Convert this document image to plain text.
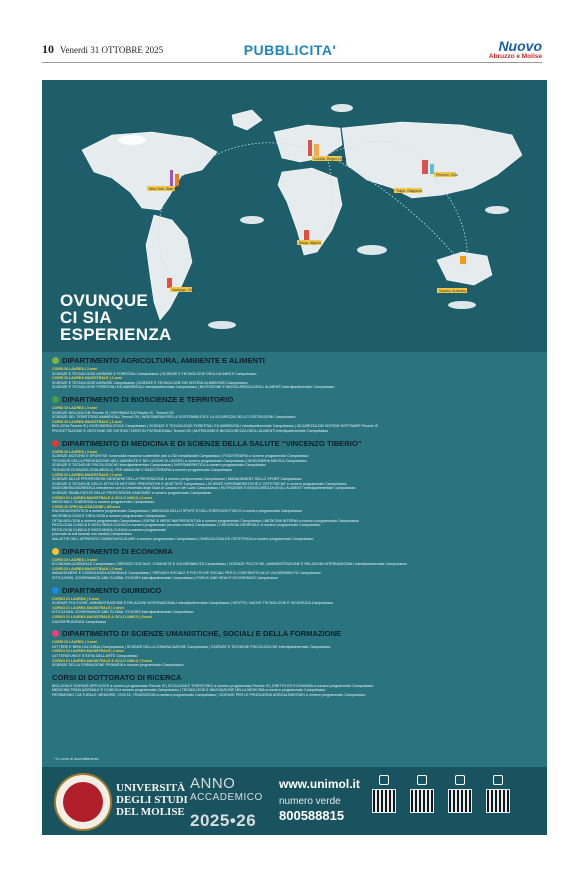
10 Venerdì 31 OTTOBRE 2025	PUBBLICITA'	Nuovo
Abruzzo e Molise
New York, Stati Uniti
Santiago, Cile
Londra, Regno Unito
Abuja, Nigeria
Tokyo, Giappone
Pechino, Cina
Sydney, Australia
OVUNQUE
CI SIA
ESPERIENZA
* In corso di accreditamento
DIPARTIMENTO AGRICOLTURA, AMBIENTE E ALIMENTI
CORSI DI LAUREA | 3 anni
SCIENZE E TECNOLOGIE AGRARIE E FORESTALI Campobasso | SCIENZE E TECNOLOGIE DEGLI ALIMENTI Campobasso
CORSI DI LAUREA MAGISTRALE | 2 anni
SCIENZE E TECNOLOGIE AGRARIE Campobasso | SCIENZE E TECNOLOGIE DEI SISTEMI ALIMENTARI Campobasso
SCIENZE E TECNOLOGIE FORESTALI ED AMBIENTALI interdipartimentale Campobasso | NUTRIZIONE E BIOSICUREZZA DEGLI ALIMENTI interdipartimentale Campobasso
DIPARTIMENTO DI BIOSCIENZE E TERRITORIO
CORSI DI LAUREA | 3 anni
SCIENZE BIOLOGICHE Pesche IS | INFORMATICA Pesche IS - Termoli CB
SCIENZE DEL TERRITORIO AMBIENTALI Termoli CB | INGEGNERIA PER LA SOSTENIBILITÀ E LA SICUREZZA DELLE COSTRUZIONI Campobasso
CORSI DI LAUREA MAGISTRALE | 2 anni
BIOLOGIA Pesche IS | INGEGNERIA CIVILE Campobasso | SCIENZE E TECNOLOGIE FORESTALI ED AMBIENTALI interdipartimentale Campobasso | SICUREZZA DEI SISTEMI SOFTWARE Pesche IS
PROGETTAZIONE E GESTIONE DEI SISTEMI TURISTICI PATRIMONIALI Termoli CB | NUTRIZIONE E BIOSICUREZZA DEGLI ALIMENTI interdipartimentale Campobasso
DIPARTIMENTO DI MEDICINA E DI SCIENZE DELLA SALUTE “VINCENZO TIBERIO”
CORSI DI LAUREA | 3 anni
SCIENZE MOTORIE E SPORTIVE numerosità massima sostenibile pari a 230 immatricolati Campobasso | FISIOTERAPIA a numero programmato Campobasso
TECNICHE DELLA PREVENZIONE NELL'AMBIENTE E NEI LUOGHI DI LAVORO a numero programmato Campobasso | INGEGNERIA MEDICA Campobasso
SCIENZE E TECNICHE PSICOLOGICHE interdipartimentale Campobasso | INFERMIERISTICA a numero programmato Campobasso
TECNICHE DI RADIOLOGIA MEDICA, PER IMMAGINI E RADIOTERAPIA a numero programmato Campobasso
CORSI DI LAUREA MAGISTRALE | 2 anni
SCIENZE DELLE PROFESSIONI SANITARIE DELLA PREVENZIONE a numero programmato Campobasso | MANAGEMENT DELLO SPORT Campobasso
SCIENZE E TECNICHE DELLE ATTIVITÀ MOTORIE PREVENTIVE E ADATTATE Campobasso | SCIENZE INFERMIERISTICHE E OSTETRICHE a numero programmato Campobasso
INGEGNERIA BIOMEDICA interateneo con la Università degli Studi di Cassino e del Lazio Campobasso | NUTRIZIONE E BIOSICUREZZA DEGLI ALIMENTI interdipartimentale Campobasso
SCIENZE RIABILITATIVE DELLE PROFESSIONI SANITARIE a numero programmato Campobasso
CORSO DI LAUREA MAGISTRALE A CICLO UNICO | 6 anni
MEDICINA E CHIRURGIA a numero programmato Campobasso
CORSI DI SPECIALIZZAZIONE | 4/5 anni
RADIODIAGNOSTICA a numero programmato Campobasso | MEDICINA DELLO SPORT E DELL'ESERCIZIO FISICO a numero programmato Campobasso
MICROBIOLOGIA E VIROLOGIA a numero programmato Campobasso
OFTALMOLOGIA a numero programmato Campobasso | IGIENE E MEDICINA PREVENTIVA a numero programmato Campobasso | MEDICINA INTERNA a numero programmato Campobasso
PATOLOGIA CLINICA E BIOCHIMICA CLINICA a numero programmato (accesso medici) Campobasso | CHIRURGIA GENERALE a numero programmato Campobasso
PATOLOGIA CLINICA E BIOCHIMICA CLINICA a numero programmato
(riservato ai soli laureati non medici) Campobasso
MALATTIE DELL'APPARATO CARDIOVASCOLARE a numero programmato Campobasso | GINECOLOGIA ED OSTETRICIA a numero programmato Campobasso
DIPARTIMENTO DI ECONOMIA
CORSI DI LAUREA | 3 anni
ECONOMIA AZIENDALE Campobasso | SERVIZIO SOCIALE, COMUNITÀ E VULNERABILITÀ Campobasso | SCIENZE POLITICHE, AMMINISTRAZIONE E RELAZIONI INTERNAZIONALI interdipartimentale Campobasso
CORSI DI LAUREA MAGISTRALE | 2 anni
MANAGEMENT E CONSULENZA AZIENDALE Campobasso | SERVIZIO SOCIALE E POLITICHE SOCIALI PER IL CONTRASTO ALLE VULNERABILITÀ Campobasso
ISTITUZIONI, GOVERNANCE AND GLOBAL STUDIES interdipartimentale Campobasso | PUBLIC AND HEALTH ECONOMICS Campobasso
DIPARTIMENTO GIURIDICO
CORSO DI LAUREA | 3 anni
SCIENZE POLITICHE, AMMINISTRAZIONE E RELAZIONI INTERNAZIONALI interdipartimentale Campobasso | DIRITTO, NUOVE TECNOLOGIE E SICUREZZA Campobasso
CORSO DI LAUREA MAGISTRALE | 2 anni
ISTITUZIONI, GOVERNANCE AND GLOBAL STUDIES interdipartimentale Campobasso
CORSO DI LAUREA MAGISTRALE A CICLO UNICO | 5 anni
GIURISPRUDENZA Campobasso
DIPARTIMENTO DI SCIENZE UMANISTICHE, SOCIALI E DELLA FORMAZIONE
CORSI DI LAUREA | 3 anni
LETTERE E BENI CULTURALI Campobasso | SCIENZE DELLA COMUNICAZIONE Campobasso | SCIENZE E TECNICHE PSICOLOGICHE interdipartimentale Campobasso
CORSO DI LAUREA MAGISTRALE | 2 anni
LETTERATURA E STORIA DELL'ARTE Campobasso
CORSO DI LAUREA MAGISTRALE A CICLO UNICO | 5 anni
SCIENZE DELLA FORMAZIONE PRIMARIA a numero programmato Campobasso
CORSI DI DOTTORATO DI RICERCA
BIOLOGIA E SCIENZE APPLICATE a numero programmato Pesche IS | ECOLOGIA E TERRITORIO a numero programmato Pesche IS | DIRITTO ED ECONOMIA a numero programmato Campobasso
MEDICINA TRASLAZIONALE E CLINICA a numero programmato Campobasso | TECNOLOGIE E INNOVAZIONE NELLA MEDICINA a numero programmato Campobasso
PATRIMONIO CULTURALE: MEMORIE, CIVILTÀ, TRANSIZIONI a numero programmato Campobasso | SCIENZE PER LE PRODUZIONI AGROALIMENTARI a numero programmato Campobasso
UNIVERSITÀ
DEGLI STUDI
DEL MOLISE
ANNO
ACCADEMICO
2025•26
www.unimol.it
numero verde
800588815
